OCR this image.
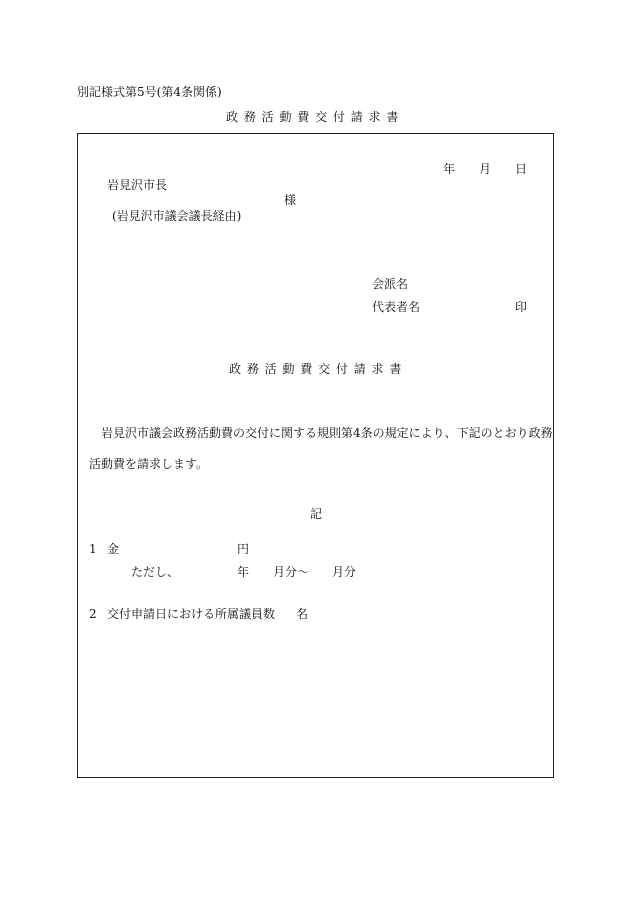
別記様式第5号(第4条関係)
政 務 活 動 費 交 付 請 求 書
年 月 日
岩見沢市長
様
(岩見沢市議会議長経由)
会派名
代表者名	印
政 務 活 動 費 交 付 請 求 書
岩見沢市議会政務活動費の交付に関する規則第4条の規定により、下記のとおり政務
活動費を請求します。
記
1 金	円
ただし、	年 月分〜 月分
2 交付申請日における所属議員数 名
